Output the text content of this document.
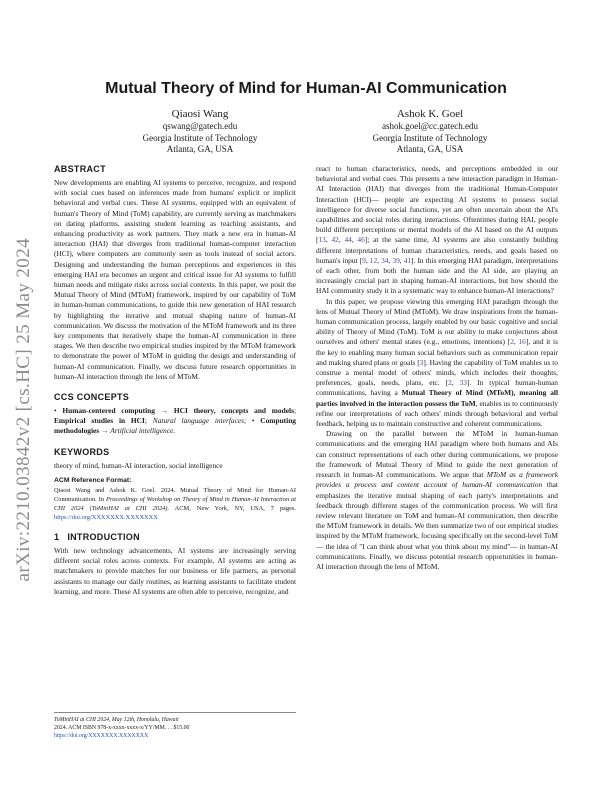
arXiv:2210.03842v2 [cs.HC] 25 May 2024
Mutual Theory of Mind for Human-AI Communication
Qiaosi Wang
qswang@gatech.edu
Georgia Institute of Technology
Atlanta, GA, USA
Ashok K. Goel
ashok.goel@cc.gatech.edu
Georgia Institute of Technology
Atlanta, GA, USA
ABSTRACT

New developments are enabling AI systems to perceive, recognize, and respond with social cues based on inferences made from humans' explicit or implicit behavioral and verbal cues. These AI systems, equipped with an equivalent of human's Theory of Mind (ToM) capability, are currently serving as matchmakers on dating platforms, assisting student learning as teaching assistants, and enhancing productivity as work partners. They mark a new era in human-AI interaction (HAI) that diverges from traditional human-computer interaction (HCI), where computers are commonly seen as tools instead of social actors. Designing and understanding the human perceptions and experiences in this emerging HAI era becomes an urgent and critical issue for AI systems to fulfill human needs and mitigate risks across social contexts. In this paper, we posit the Mutual Theory of Mind (MToM) framework, inspired by our capability of ToM in human-human communications, to guide this new generation of HAI research by highlighting the iterative and mutual shaping nature of human-AI communication. We discuss the motivation of the MToM framework and its three key components that iteratively shape the human-AI communication in three stages. We then describe two empirical studies inspired by the MToM framework to demonstrate the power of MToM in guiding the design and understanding of human-AI communication. Finally, we discuss future research opportunities in human-AI interaction through the lens of MToM.

CCS CONCEPTS

• Human-centered computing → HCI theory, concepts and models; Empirical studies in HCI; Natural language interfaces; • Computing methodologies → Artificial intelligence.

KEYWORDS

theory of mind, human-AI interaction, social intelligence

ACM Reference Format:

Qiaosi Wang and Ashok K. Goel. 2024. Mutual Theory of Mind for Human-AI Communication. In Proceedings of Workshop on Theory of Mind in Human-AI Interaction at CHI 2024 (ToMinHAI at CHI 2024). ACM, New York, NY, USA, 7 pages. https://doi.org/XXXXXXX.XXXXXXX

1 INTRODUCTION

With new technology advancements, AI systems are increasingly serving different social roles across contexts. For example, AI systems are acting as matchmakers to provide matches for our business or life partners, as personal assistants to manage our daily routines, as learning assistants to facilitate student learning, and more. These AI systems are often able to perceive, recognize, and

ToMinHAI at CHI 2024, May 12th, Honolulu, Hawaii
2024. ACM ISBN 978-x-xxxx-xxxx-x/YY/MM. . . $15.00
https://doi.org/XXXXXXX.XXXXXXX

react to human characteristics, needs, and perceptions embedded in our behavioral and verbal cues. This presents a new interaction paradigm in Human-AI Interaction (HAI) that diverges from the traditional Human-Computer Interaction (HCI)— people are expecting AI systems to possess social intelligence for diverse social functions, yet are often uncertain about the AI's capabilities and social roles during interactions. Oftentimes during HAI, people build different perceptions or mental models of the AI based on the AI outputs [13, 42, 44, 46]; at the same time, AI systems are also constantly building different interpretations of human characteristics, needs, and goals based on human's input [9, 12, 34, 39, 41]. In this emerging HAI paradigm, interpretations of each other, from both the human side and the AI side, are playing an increasingly crucial part in shaping human-AI interactions, but how should the HAI community study it in a systematic way to enhance human-AI interactions?

In this paper, we propose viewing this emerging HAI paradigm through the lens of Mutual Theory of Mind (MToM). We draw inspirations from the human-human communication process, largely enabled by our basic cognitive and social ability of Theory of Mind (ToM). ToM is our ability to make conjectures about ourselves and others' mental states (e.g., emotions, intentions) [2, 16], and it is the key to enabling many human social behaviors such as communication repair and making shared plans or goals [3]. Having the capability of ToM enables us to construe a mental model of others' minds, which includes their thoughts, preferences, goals, needs, plans, etc. [2, 33]. In typical human-human communications, having a Mutual Theory of Mind (MToM), meaning all parties involved in the interaction possess the ToM, enables us to continuously refine our interpretations of each others' minds through behavioral and verbal feedback, helping us to maintain constructive and coherent communications.

Drawing on the parallel between the MToM in human-human communications and the emerging HAI paradigm where both humans and AIs can construct representations of each other during communications, we propose the framework of Mutual Theory of Mind to guide the next generation of research in human-AI communications. We argue that MToM as a framework provides a process and content account of human-AI communication that emphasizes the iterative mutual shaping of each party's interpretations and feedback through different stages of the communication process. We will first review relevant literature on ToM and human-AI communication, then describe the MToM framework in details. We then summarize two of our empirical studies inspired by the MToM framework, focusing specifically on the second-level ToM— the idea of "I can think about what you think about my mind"— in human-AI communications. Finally, we discuss potential research opportunities in human-AI interaction through the lens of MToM.
